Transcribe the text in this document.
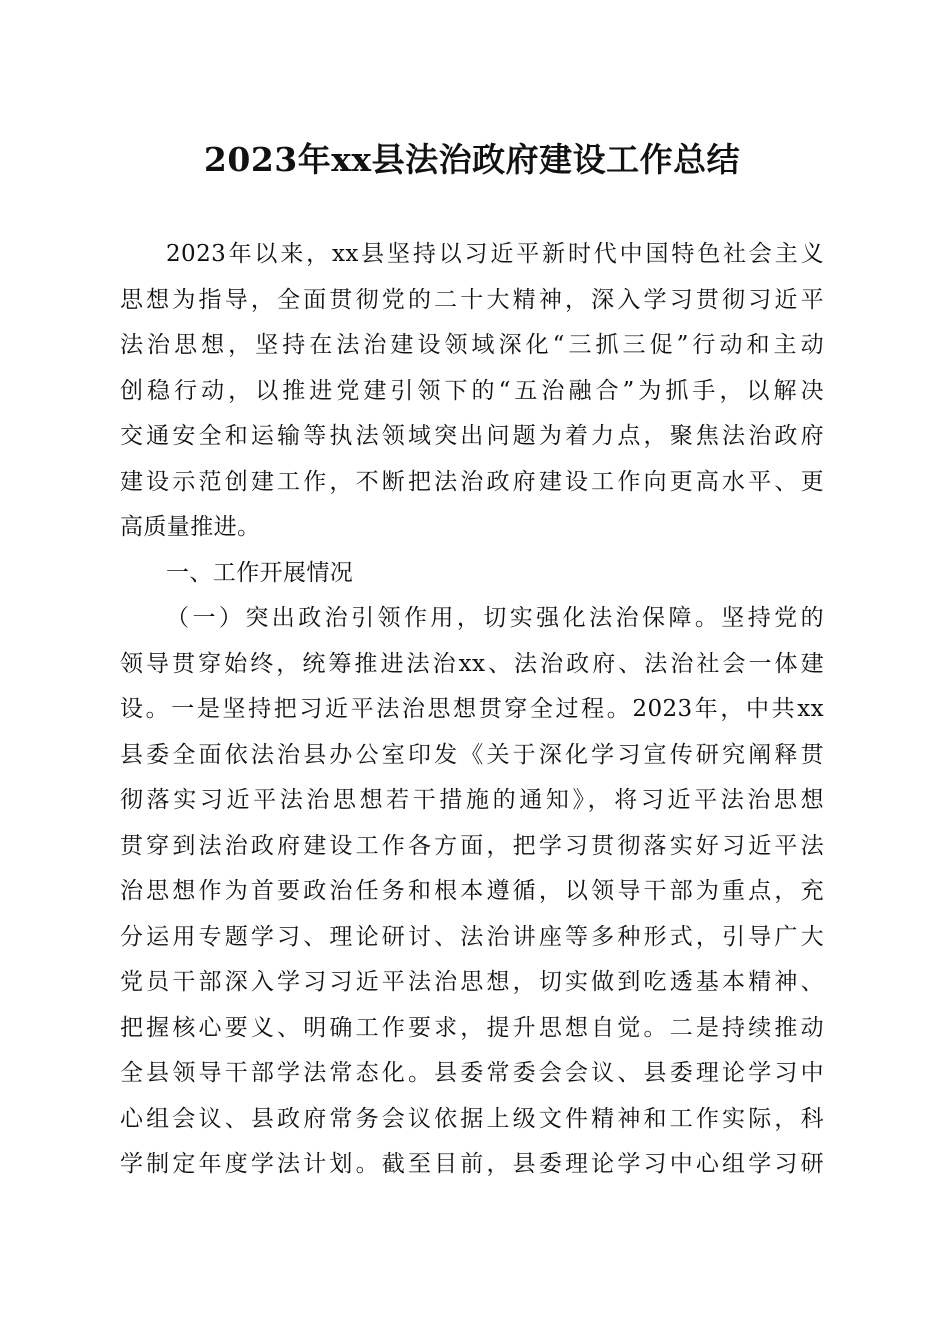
2023年xx县法治政府建设工作总结
2023年以来，xx县坚持以习近平新时代中国特色社会主义
思想为指导，全面贯彻党的二十大精神，深入学习贯彻习近平
法治思想，坚持在法治建设领域深化“三抓三促”行动和主动
创稳行动，以推进党建引领下的“五治融合”为抓手，以解决
交通安全和运输等执法领域突出问题为着力点，聚焦法治政府
建设示范创建工作，不断把法治政府建设工作向更高水平、更
高质量推进。
一、工作开展情况
（一）突出政治引领作用，切实强化法治保障。坚持党的
领导贯穿始终，统筹推进法治xx、法治政府、法治社会一体建
设。一是坚持把习近平法治思想贯穿全过程。2023年，中共xx
县委全面依法治县办公室印发《关于深化学习宣传研究阐释贯
彻落实习近平法治思想若干措施的通知》，将习近平法治思想
贯穿到法治政府建设工作各方面，把学习贯彻落实好习近平法
治思想作为首要政治任务和根本遵循，以领导干部为重点，充
分运用专题学习、理论研讨、法治讲座等多种形式，引导广大
党员干部深入学习习近平法治思想，切实做到吃透基本精神、
把握核心要义、明确工作要求，提升思想自觉。二是持续推动
全县领导干部学法常态化。县委常委会会议、县委理论学习中
心组会议、县政府常务会议依据上级文件精神和工作实际，科
学制定年度学法计划。截至目前，县委理论学习中心组学习研
